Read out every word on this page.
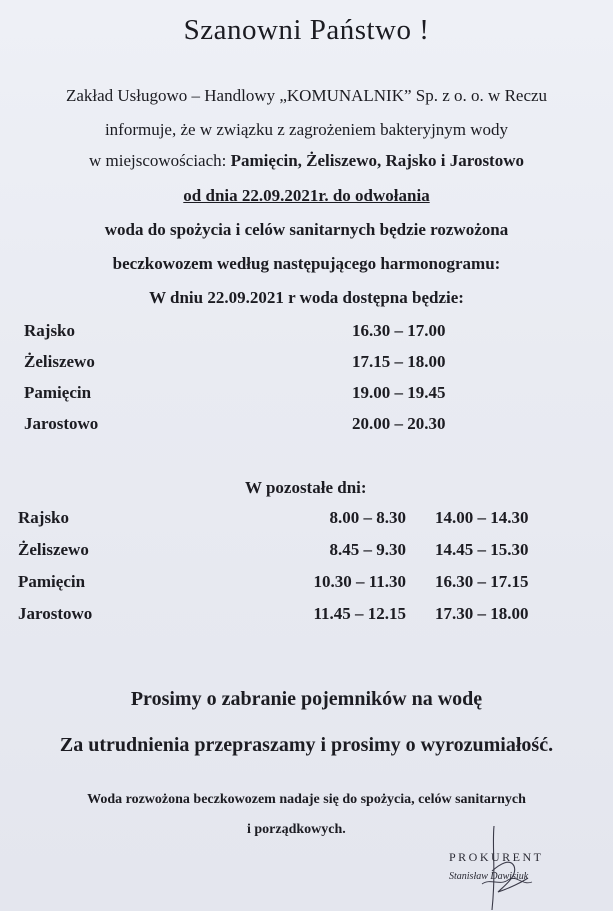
Szanowni Państwo !
Zakład Usługowo – Handlowy „KOMUNALNIK” Sp. z o. o. w Reczu
informuje, że w związku z zagrożeniem bakteryjnym wody
w miejscowościach: Pamięcin, Żeliszewo, Rajsko i Jarostowo
od dnia 22.09.2021r. do odwołania
woda do spożycia i celów sanitarnych będzie rozwożona
beczkowozem według następującego harmonogramu:
W dniu 22.09.2021 r woda dostępna będzie:
Rajsko	16.30 – 17.00
Żeliszewo	17.15 – 18.00
Pamięcin	19.00 – 19.45
Jarostowo	20.00 – 20.30
W pozostałe dni:
Rajsko	8.00 – 8.30 14.00 – 14.30
Żeliszewo	8.45 – 9.30 14.45 – 15.30
Pamięcin	10.30 – 11.30 16.30 – 17.15
Jarostowo	11.45 – 12.15 17.30 – 18.00
Prosimy o zabranie pojemników na wodę
Za utrudnienia przepraszamy i prosimy o wyrozumiałość.
Woda rozwożona beczkowozem nadaje się do spożycia, celów sanitarnych
i porządkowych.
PROKURENT
Stanisław Dawisiuk
